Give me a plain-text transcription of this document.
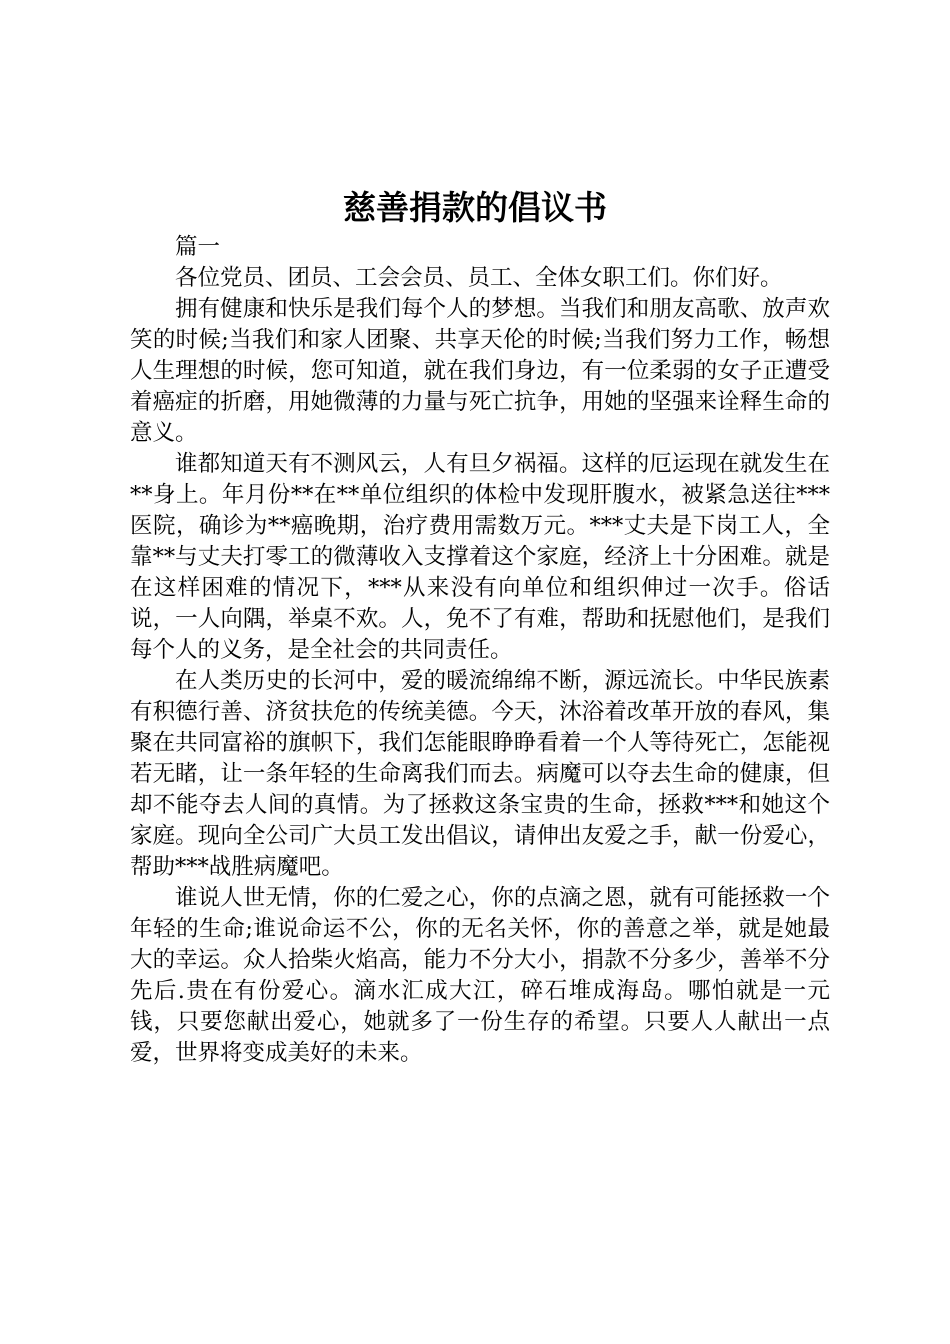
慈善捐款的倡议书

篇一

各位党员、团员、工会会员、员工、全体女职工们。你们好。

拥有健康和快乐是我们每个人的梦想。当我们和朋友高歌、放声欢笑的时候;当我们和家人团聚、共享天伦的时候;当我们努力工作，畅想人生理想的时候，您可知道，就在我们身边，有一位柔弱的女子正遭受着癌症的折磨，用她微薄的力量与死亡抗争，用她的坚强来诠释生命的意义。

谁都知道天有不测风云，人有旦夕祸福。这样的厄运现在就发生在**身上。年月份**在**单位组织的体检中发现肝腹水，被紧急送往***医院，确诊为**癌晚期，治疗费用需数万元。***丈夫是下岗工人，全靠**与丈夫打零工的微薄收入支撑着这个家庭，经济上十分困难。就是在这样困难的情况下，***从来没有向单位和组织伸过一次手。俗话说，一人向隅，举桌不欢。人，免不了有难，帮助和抚慰他们，是我们每个人的义务，是全社会的共同责任。

在人类历史的长河中，爱的暖流绵绵不断，源远流长。中华民族素有积德行善、济贫扶危的传统美德。今天，沐浴着改革开放的春风，集聚在共同富裕的旗帜下，我们怎能眼睁睁看着一个人等待死亡，怎能视若无睹，让一条年轻的生命离我们而去。病魔可以夺去生命的健康，但却不能夺去人间的真情。为了拯救这条宝贵的生命，拯救***和她这个家庭。现向全公司广大员工发出倡议，请伸出友爱之手，献一份爱心，帮助***战胜病魔吧。

谁说人世无情，你的仁爱之心，你的点滴之恩，就有可能拯救一个年轻的生命;谁说命运不公，你的无名关怀，你的善意之举，就是她最大的幸运。众人拾柴火焰高，能力不分大小，捐款不分多少，善举不分先后.贵在有份爱心。滴水汇成大江，碎石堆成海岛。哪怕就是一元钱，只要您献出爱心，她就多了一份生存的希望。只要人人献出一点爱，世界将变成美好的未来。
